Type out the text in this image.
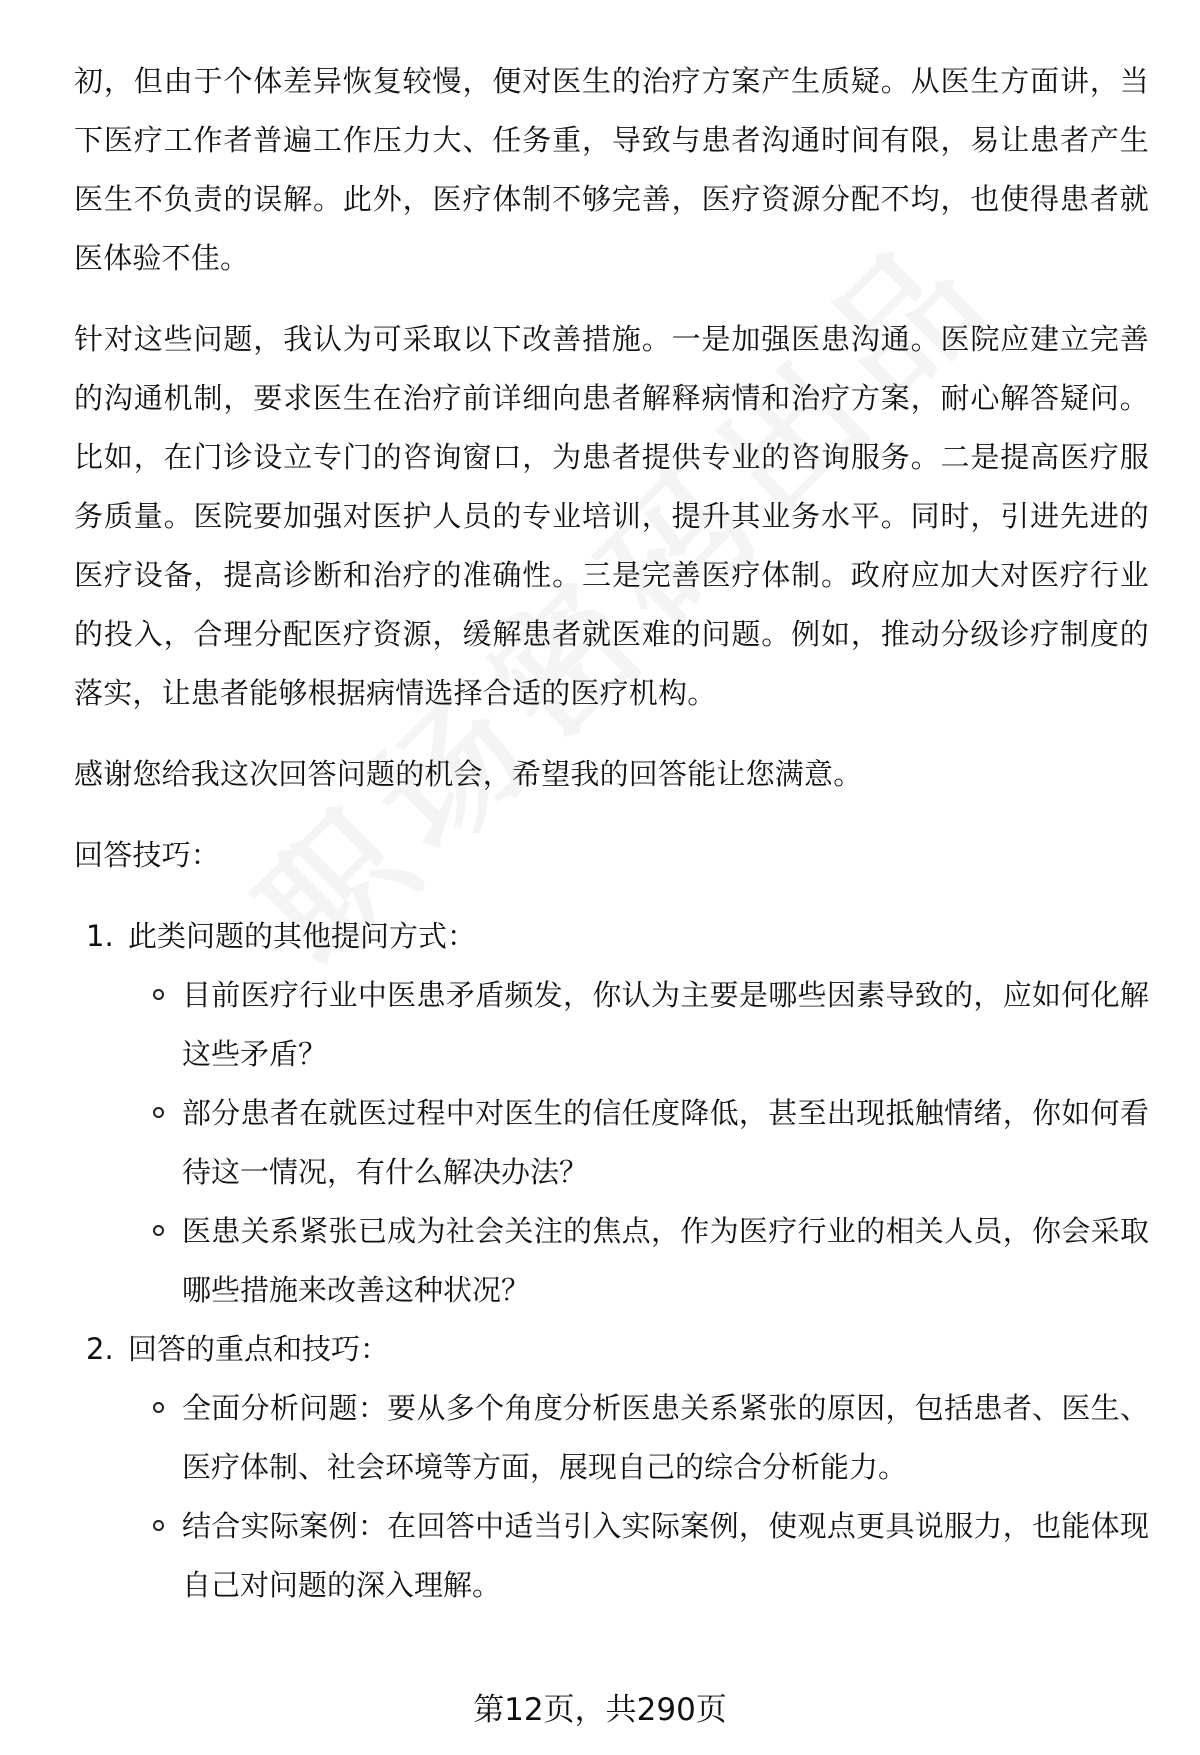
初，但由于个体差异恢复较慢，便对医生的治疗方案产生质疑。从医生方面讲，当下医疗工作者普遍工作压力大、任务重，导致与患者沟通时间有限，易让患者产生医生不负责的误解。此外，医疗体制不够完善，医疗资源分配不均，也使得患者就医体验不佳。

针对这些问题，我认为可采取以下改善措施。一是加强医患沟通。医院应建立完善的沟通机制，要求医生在治疗前详细向患者解释病情和治疗方案，耐心解答疑问。比如，在门诊设立专门的咨询窗口，为患者提供专业的咨询服务。二是提高医疗服务质量。医院要加强对医护人员的专业培训，提升其业务水平。同时，引进先进的医疗设备，提高诊断和治疗的准确性。三是完善医疗体制。政府应加大对医疗行业的投入，合理分配医疗资源，缓解患者就医难的问题。例如，推动分级诊疗制度的落实，让患者能够根据病情选择合适的医疗机构。

感谢您给我这次回答问题的机会，希望我的回答能让您满意。

回答技巧：

1. 此类问题的其他提问方式：
目前医疗行业中医患矛盾频发，你认为主要是哪些因素导致的，应如何化解这些矛盾？
部分患者在就医过程中对医生的信任度降低，甚至出现抵触情绪，你如何看待这一情况，有什么解决办法？
医患关系紧张已成为社会关注的焦点，作为医疗行业的相关人员，你会采取哪些措施来改善这种状况？
2. 回答的重点和技巧：
全面分析问题：要从多个角度分析医患关系紧张的原因，包括患者、医生、医疗体制、社会环境等方面，展现自己的综合分析能力。
结合实际案例：在回答中适当引入实际案例，使观点更具说服力，也能体现自己对问题的深入理解。
第12页，共290页
